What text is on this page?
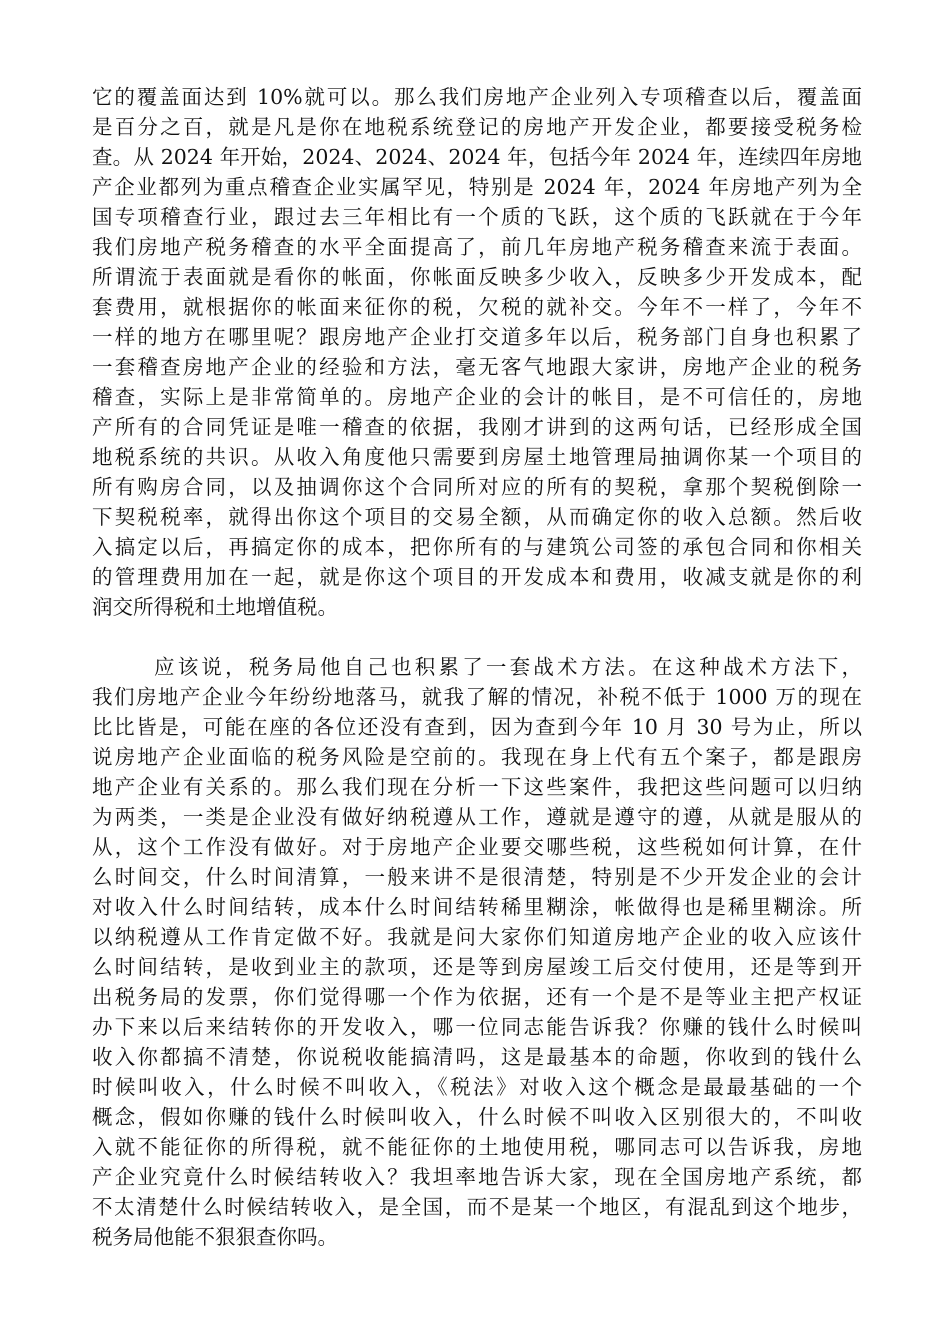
它的覆盖面达到 10%就可以。那么我们房地产企业列入专项稽查以后，覆盖面
是百分之百，就是凡是你在地税系统登记的房地产开发企业，都要接受税务检
查。从 2024 年开始，2024、2024、2024 年，包括今年 2024 年，连续四年房地
产企业都列为重点稽查企业实属罕见，特别是 2024 年，2024 年房地产列为全
国专项稽查行业，跟过去三年相比有一个质的飞跃，这个质的飞跃就在于今年
我们房地产税务稽查的水平全面提高了，前几年房地产税务稽查来流于表面。
所谓流于表面就是看你的帐面，你帐面反映多少收入，反映多少开发成本，配
套费用，就根据你的帐面来征你的税，欠税的就补交。今年不一样了，今年不
一样的地方在哪里呢？跟房地产企业打交道多年以后，税务部门自身也积累了
一套稽查房地产企业的经验和方法，毫无客气地跟大家讲，房地产企业的税务
稽查，实际上是非常简单的。房地产企业的会计的帐目，是不可信任的，房地
产所有的合同凭证是唯一稽查的依据，我刚才讲到的这两句话，已经形成全国
地税系统的共识。从收入角度他只需要到房屋土地管理局抽调你某一个项目的
所有购房合同，以及抽调你这个合同所对应的所有的契税，拿那个契税倒除一
下契税税率，就得出你这个项目的交易全额，从而确定你的收入总额。然后收
入搞定以后，再搞定你的成本，把你所有的与建筑公司签的承包合同和你相关
的管理费用加在一起，就是你这个项目的开发成本和费用，收减支就是你的利
润交所得税和土地增值税。
应该说，税务局他自己也积累了一套战术方法。在这种战术方法下，
我们房地产企业今年纷纷地落马，就我了解的情况，补税不低于 1000 万的现在
比比皆是，可能在座的各位还没有查到，因为查到今年 10 月 30 号为止，所以
说房地产企业面临的税务风险是空前的。我现在身上代有五个案子，都是跟房
地产企业有关系的。那么我们现在分析一下这些案件，我把这些问题可以归纳
为两类，一类是企业没有做好纳税遵从工作，遵就是遵守的遵，从就是服从的
从，这个工作没有做好。对于房地产企业要交哪些税，这些税如何计算，在什
么时间交，什么时间清算，一般来讲不是很清楚，特别是不少开发企业的会计
对收入什么时间结转，成本什么时间结转稀里糊涂，帐做得也是稀里糊涂。所
以纳税遵从工作肯定做不好。我就是问大家你们知道房地产企业的收入应该什
么时间结转，是收到业主的款项，还是等到房屋竣工后交付使用，还是等到开
出税务局的发票，你们觉得哪一个作为依据，还有一个是不是等业主把产权证
办下来以后来结转你的开发收入，哪一位同志能告诉我？你赚的钱什么时候叫
收入你都搞不清楚，你说税收能搞清吗，这是最基本的命题，你收到的钱什么
时候叫收入，什么时候不叫收入，《税法》对收入这个概念是最最基础的一个
概念，假如你赚的钱什么时候叫收入，什么时候不叫收入区别很大的，不叫收
入就不能征你的所得税，就不能征你的土地使用税，哪同志可以告诉我，房地
产企业究竟什么时候结转收入？我坦率地告诉大家，现在全国房地产系统，都
不太清楚什么时候结转收入，是全国，而不是某一个地区，有混乱到这个地步，
税务局他能不狠狠查你吗。
